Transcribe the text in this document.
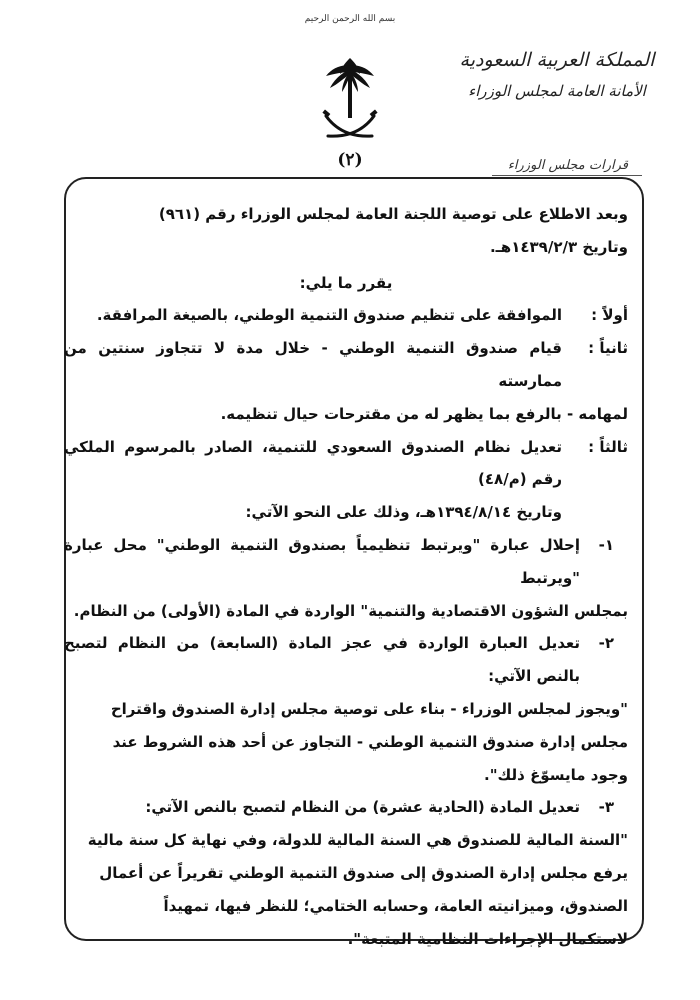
بسم الله الرحمن الرحيم
(٢)
المملكة العربية السعودية
الأمانة العامة لمجلس الوزراء
قرارات مجلس الوزراء

وبعد الاطلاع على توصية اللجنة العامة لمجلس الوزراء رقم (٩٦١)

وتاريخ ١٤٣٩/٢/٣هـ.

يقرر ما يلي:

أولاً :

الموافقة على تنظيم صندوق التنمية الوطني، بالصيغة المرافقة.

ثانياً :

قيام صندوق التنمية الوطني - خلال مدة لا تتجاوز سنتين من ممارسته

لمهامه - بالرفع بما يظهر له من مقترحات حيال تنظيمه.

ثالثاً :

تعديل نظام الصندوق السعودي للتنمية، الصادر بالمرسوم الملكي رقم (م/٤٨)

وتاريخ ١٣٩٤/٨/١٤هـ، وذلك على النحو الآتي:

١-

إحلال عبارة "ويرتبط تنظيمياً بصندوق التنمية الوطني" محل عبارة "ويرتبط

بمجلس الشؤون الاقتصادية والتنمية" الواردة في المادة (الأولى) من النظام.

٢-

تعديل العبارة الواردة في عجز المادة (السابعة) من النظام لتصبح بالنص الآتي:

"ويجوز لمجلس الوزراء - بناء على توصية مجلس إدارة الصندوق واقتراح

مجلس إدارة صندوق التنمية الوطني - التجاوز عن أحد هذه الشروط عند

وجود مايسوّغ ذلك".

٣-

تعديل المادة (الحادية عشرة) من النظام لتصبح بالنص الآتي:

"السنة المالية للصندوق هي السنة المالية للدولة، وفي نهاية كل سنة مالية

يرفع مجلس إدارة الصندوق إلى صندوق التنمية الوطني تقريراً عن أعمال

الصندوق، وميزانيته العامة، وحسابه الختامي؛ للنظر فيها، تمهيداً

لاستكمال الإجراءات النظامية المتبعة".
